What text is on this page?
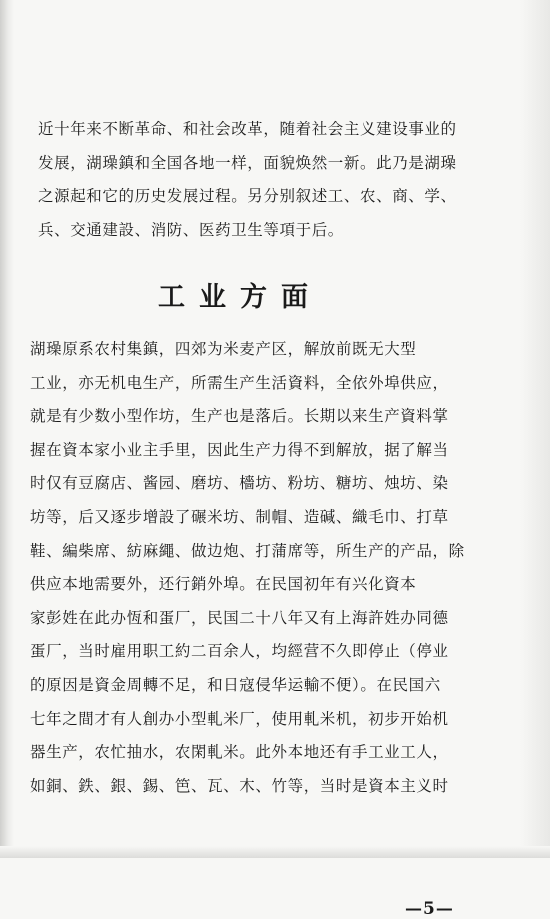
近十年来不断革命、和社会改革，随着社会主义建设事业的
发展，湖璪鎮和全国各地一样，面貌焕然一新。此乃是湖璪
之源起和它的历史发展过程。另分别叙述工、农、商、学、
兵、交通建設、消防、医药卫生等項于后。

工业方面

湖璪原系农村集鎮，四郊为米麦产区，解放前既无大型
工业，亦无机电生产，所需生产生活資料，全依外埠供应，
就是有少数小型作坊，生产也是落后。长期以来生产資料掌
握在資本家小业主手里，因此生产力得不到解放，据了解当
时仅有豆腐店、酱园、磨坊、檣坊、粉坊、糖坊、烛坊、染
坊等，后又逐步增設了碾米坊、制帽、造碱、織毛巾、打草
鞋、編柴席、紡麻繩、做边炮、打蒲席等，所生产的产品，除
供应本地需要外，还行銷外埠。在民国初年有兴化資本
家彭姓在此办恆和蛋厂，民国二十八年又有上海許姓办同德
蛋厂，当时雇用职工約二百余人，均經营不久即停止（停业
的原因是資金周轉不足，和日寇侵华运輸不便）。在民国六
七年之間才有人創办小型軋米厂，使用軋米机，初步开始机
器生产，农忙抽水，农閑軋米。此外本地还有手工业工人，
如銅、鉄、銀、錫、笆、瓦、木、竹等，当时是資本主义时

—5—
